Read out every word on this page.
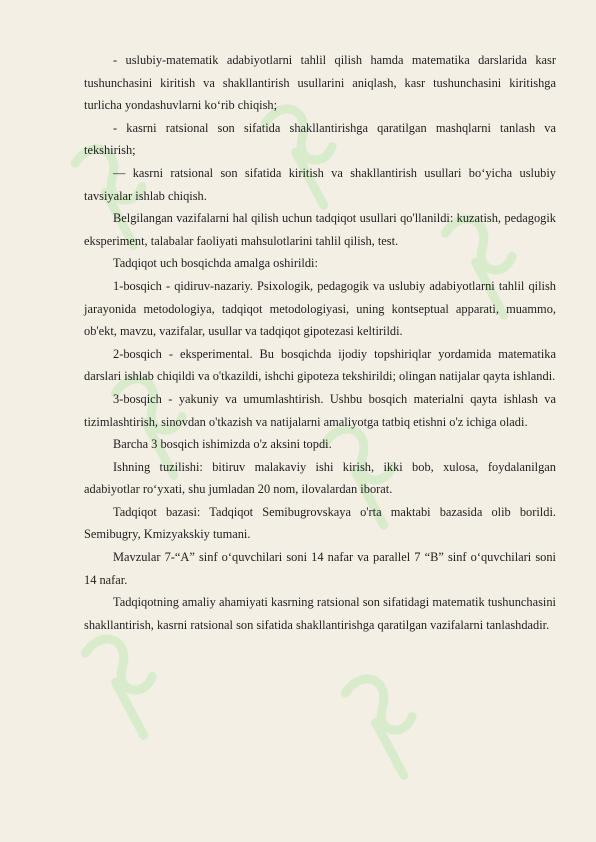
- uslubiy-matematik adabiyotlarni tahlil qilish hamda matematika darslarida kasr tushunchasini kiritish va shakllantirish usullarini aniqlash, kasr tushunchasini kiritishga turlicha yondashuvlarni koʻrib chiqish;

- kasrni ratsional son sifatida shakllantirishga qaratilgan mashqlarni tanlash va tekshirish;

— kasrni ratsional son sifatida kiritish va shakllantirish usullari boʻyicha uslubiy tavsiyalar ishlab chiqish.

Belgilangan vazifalarni hal qilish uchun tadqiqot usullari qo'llanildi: kuzatish, pedagogik eksperiment, talabalar faoliyati mahsulotlarini tahlil qilish, test.

Tadqiqot uch bosqichda amalga oshirildi:

1-bosqich - qidiruv-nazariy. Psixologik, pedagogik va uslubiy adabiyotlarni tahlil qilish jarayonida metodologiya, tadqiqot metodologiyasi, uning kontseptual apparati, muammo, ob'ekt, mavzu, vazifalar, usullar va tadqiqot gipotezasi keltirildi.

2-bosqich - eksperimental. Bu bosqichda ijodiy topshiriqlar yordamida matematika darslari ishlab chiqildi va o'tkazildi, ishchi gipoteza tekshirildi; olingan natijalar qayta ishlandi.

3-bosqich - yakuniy va umumlashtirish. Ushbu bosqich materialni qayta ishlash va tizimlashtirish, sinovdan o'tkazish va natijalarni amaliyotga tatbiq etishni o'z ichiga oladi.

Barcha 3 bosqich ishimizda o'z aksini topdi.

Ishning tuzilishi: bitiruv malakaviy ishi kirish, ikki bob, xulosa, foydalanilgan adabiyotlar roʻyxati, shu jumladan 20 nom, ilovalardan iborat.

Tadqiqot bazasi: Tadqiqot Semibugrovskaya o'rta maktabi bazasida olib borildi. Semibugry, Kmizyakskiy tumani.

Mavzular 7-“A” sinf oʻquvchilari soni 14 nafar va parallel 7 “B” sinf oʻquvchilari soni 14 nafar.

Tadqiqotning amaliy ahamiyati kasrning ratsional son sifatidagi matematik tushunchasini shakllantirish, kasrni ratsional son sifatida shakllantirishga qaratilgan vazifalarni tanlashdadir.
